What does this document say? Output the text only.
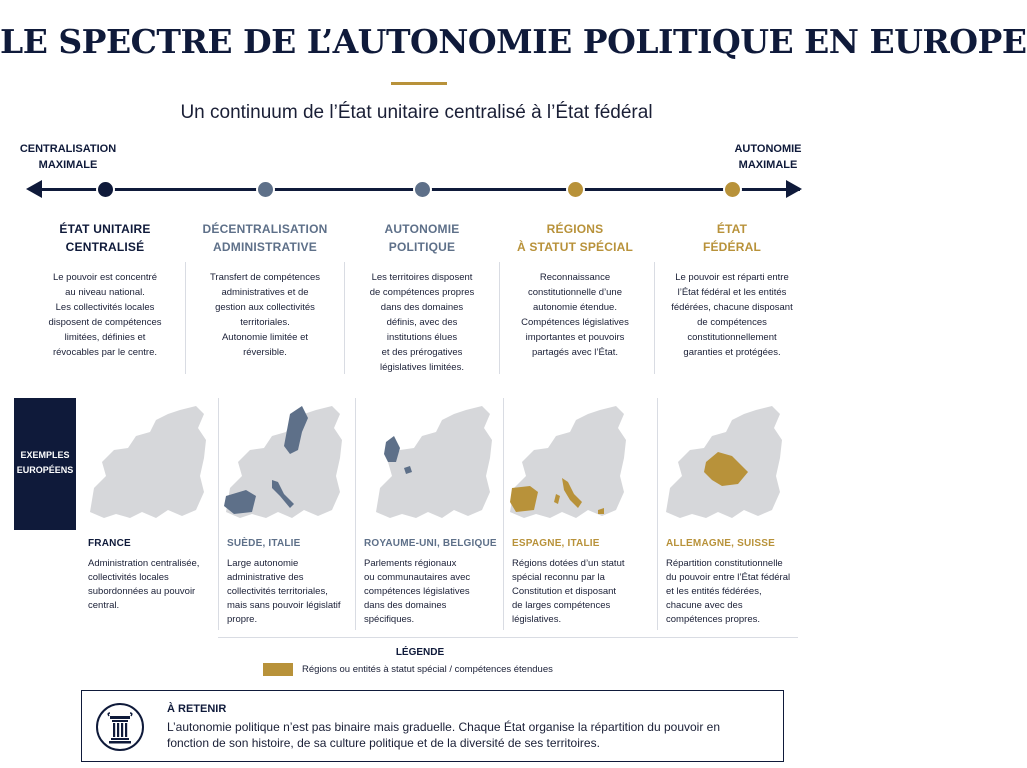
LE SPECTRE DE L’AUTONOMIE POLITIQUE EN EUROPE
Un continuum de l’État unitaire centralisé à l’État fédéral
CENTRALISATION
MAXIMALE
AUTONOMIE
MAXIMALE
ÉTAT UNITAIRE
CENTRALISÉ
Le pouvoir est concentré
au niveau national.
Les collectivités locales
disposent de compétences
limitées, définies et
révocables par le centre.
DÉCENTRALISATION
ADMINISTRATIVE
Transfert de compétences
administratives et de
gestion aux collectivités
territoriales.
Autonomie limitée et
réversible.
AUTONOMIE
POLITIQUE
Les territoires disposent
de compétences propres
dans des domaines
définis, avec des
institutions élues
et des prérogatives
législatives limitées.
RÉGIONS
À STATUT SPÉCIAL
Reconnaissance
constitutionnelle d’une
autonomie étendue.
Compétences législatives
importantes et pouvoirs
partagés avec l’État.
ÉTAT
FÉDÉRAL
Le pouvoir est réparti entre
l’État fédéral et les entités
fédérées, chacune disposant
de compétences
constitutionnellement
garanties et protégées.
EXEMPLES
EUROPÉENS
FRANCE
Administration centralisée,
collectivités locales
subordonnées au pouvoir
central.
SUÈDE, ITALIE
Large autonomie
administrative des
collectivités territoriales,
mais sans pouvoir législatif
propre.
ROYAUME-UNI, BELGIQUE
Parlements régionaux
ou communautaires avec
compétences législatives
dans des domaines
spécifiques.
ESPAGNE, ITALIE
Régions dotées d’un statut
spécial reconnu par la
Constitution et disposant
de larges compétences
législatives.
ALLEMAGNE, SUISSE
Répartition constitutionnelle
du pouvoir entre l’État fédéral
et les entités fédérées,
chacune avec des
compétences propres.
LÉGENDE
Régions ou entités à statut spécial / compétences étendues
À RETENIR
L’autonomie politique n’est pas binaire mais graduelle. Chaque État organise la répartition du pouvoir en fonction de son histoire, de sa culture politique et de la diversité de ses territoires.
